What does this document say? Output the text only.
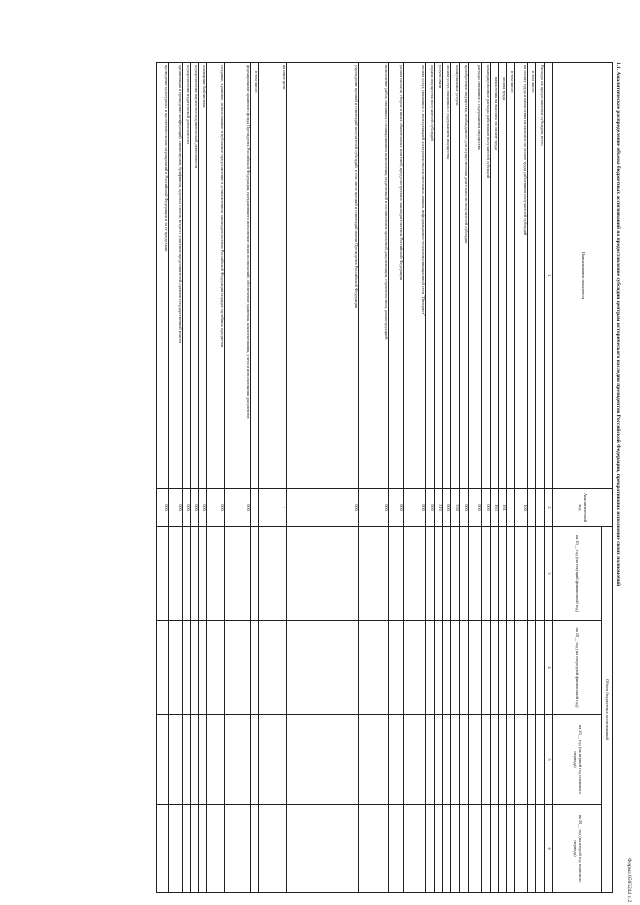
Форма 0505244 с.2
1.1. Аналитическое распределение объема бюджетных ассигнований на предоставление субсидии центрам исторического наследия президентов Российской Федерации, прекративших исполнение своих полномочий
Наименование показателя	Аналитический код	Объем бюджетных ассигнований			
		на 20__ год (на текущий финансовый год)	на 20__ год (на очередной финансовый год)	на 20__ год (на первый год планового периода)	на 20__ год (на второй год планового периода)
1	2	3	4	5	6
Расходы на предоставление субсидии, всего					
в том числе:					
на оплату труда и начисления на выплаты по оплате труда работников получателей субсидий	100				
в том числе:					
оплата труда	161				
начисления на выплаты по оплате труда	163				
командировочные расходы работников получателей субсидий	000				
расходы связанные с содержанием имущества	000				
приобретение имущества, необходимого для осуществления деятельности получателей субсидии	000				
коммунальные услуги	330				
оплата услуг, связанных с содержанием имущества	000				
услуги связи	310				
охрана имущества получателей субсидий	000				
оплата услуг, связанных с эксплуатацией электронно-вычислительных машин, информационно-телекоммуникационной сети "Интернет"	000				
уплата налогов, сборов и иных обязательных платежей, предусмотренных законодательством Российской Федерации	000				
выполнение работ, связанных с планированием выполнения, подготовкой и составлением проектной документации, строительством, реконструкцией	000				
учреждение премий и стипендий получателей субсидий, в том числе премий и стипендий имени Президента Российской Федерации	000				
на иные цели	-				
в том числе:					
формирование архивного фонда Президента Российской Федерации, прекратившего исполнение своих полномочий; обеспечение хранения, комплектования, учета и использования документов	000				
создание, хранение, использование и публичное представление в установленном законодательством Российской Федерации порядке музейных предметов	000				
оснащение библиотеки	000				
осуществление научно-исследовательской деятельности	000				
осуществление издательской деятельности	000				
организация и проведение конференций, симпозиумов, брифингов, круглых столов, встреч с участием представителей органов государственной власти	000				
проведение культурных и просветительских мероприятий в Российской Федерации и за ее пределами	000				
